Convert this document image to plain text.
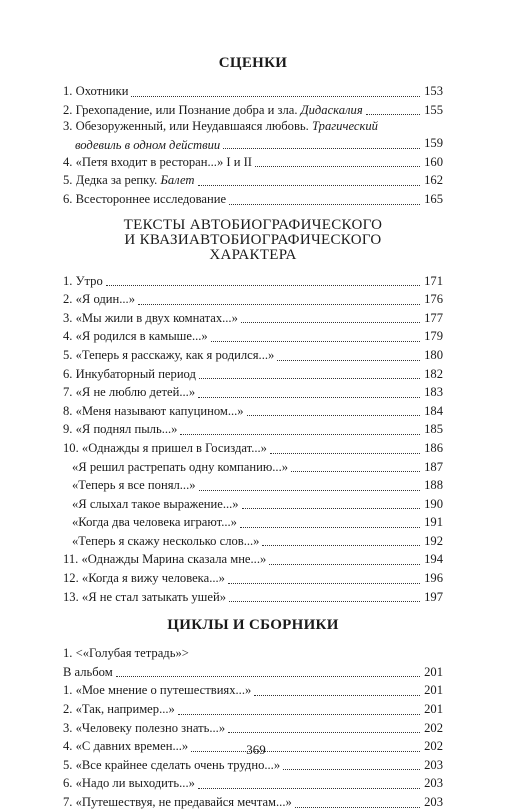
СЦЕНКИ
1. Охотники	153
2. Грехопадение, или Познание добра и зла. Дидаскалия	155
3. Обезоруженный, или Неудавшаяся любовь. Трагический
водевиль в одном действии	159
4. «Петя входит в ресторан...» I и II	160
5. Дедка за репку. Балет	162
6. Всестороннее исследование	165
ТЕКСТЫ АВТОБИОГРАФИЧЕСКОГО
И КВАЗИАВТОБИОГРАФИЧЕСКОГО
ХАРАКТЕРА
1. Утро	171
2. «Я один...»	176
3. «Мы жили в двух комнатах...»	177
4. «Я родился в камыше...»	179
5. «Теперь я расскажу, как я родился...»	180
6. Инкубаторный период	182
7. «Я не люблю детей...»	183
8. «Меня называют капуцином...»	184
9. «Я поднял пыль...»	185
10. «Однажды я пришел в Госиздат...»	186
«Я решил растрепать одну компанию...»	187
«Теперь я все понял...»	188
«Я слыхал такое выражение...»	190
«Когда два человека играют...»	191
«Теперь я скажу несколько слов...»	192
11. «Однажды Марина сказала мне...»	194
12. «Когда я вижу человека...»	196
13. «Я не стал затыкать ушей»	197
ЦИКЛЫ И СБОРНИКИ
1. <«Голубая тетрадь»>
В альбом	201
1. «Мое мнение о путешествиях...»	201
2. «Так, например...»	201
3. «Человеку полезно знать...»	202
4. «С давних времен...»	202
5. «Все крайнее сделать очень трудно...»	203
6. «Надо ли выходить...»	203
7. «Путешествуя, не предавайся мечтам...»	203
369
